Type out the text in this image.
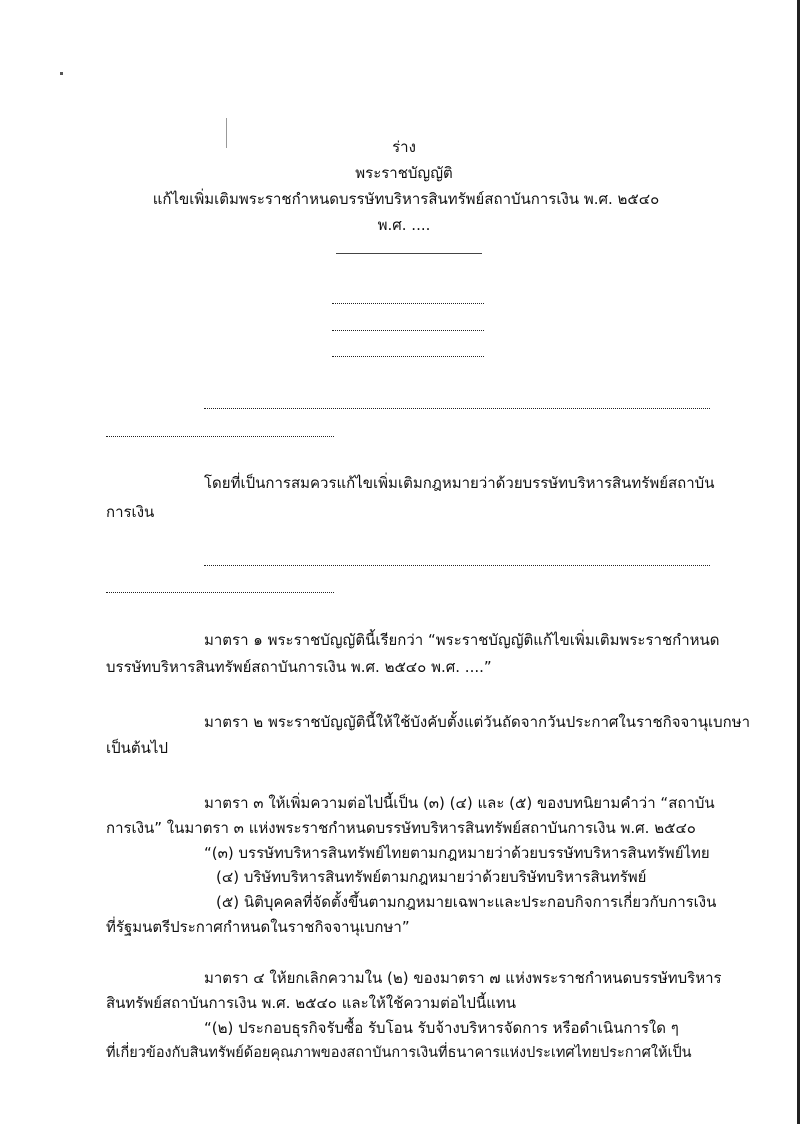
ร่าง
พระราชบัญญัติ
แก้ไขเพิ่มเติมพระราชกำหนดบรรษัทบริหารสินทรัพย์สถาบันการเงิน พ.ศ. ๒๕๔๐
พ.ศ. ....
โดยที่เป็นการสมควรแก้ไขเพิ่มเติมกฎหมายว่าด้วยบรรษัทบริหารสินทรัพย์สถาบัน
การเงิน
มาตรา ๑ พระราชบัญญัตินี้เรียกว่า “พระราชบัญญัติแก้ไขเพิ่มเติมพระราชกำหนด
บรรษัทบริหารสินทรัพย์สถาบันการเงิน พ.ศ. ๒๕๔๐ พ.ศ. ....”
มาตรา ๒ พระราชบัญญัตินี้ให้ใช้บังคับตั้งแต่วันถัดจากวันประกาศในราชกิจจานุเบกษา
เป็นต้นไป
มาตรา ๓ ให้เพิ่มความต่อไปนี้เป็น (๓) (๔) และ (๕) ของบทนิยามคำว่า “สถาบัน
การเงิน” ในมาตรา ๓ แห่งพระราชกำหนดบรรษัทบริหารสินทรัพย์สถาบันการเงิน พ.ศ. ๒๕๔๐
“(๓) บรรษัทบริหารสินทรัพย์ไทยตามกฎหมายว่าด้วยบรรษัทบริหารสินทรัพย์ไทย
(๔) บริษัทบริหารสินทรัพย์ตามกฎหมายว่าด้วยบริษัทบริหารสินทรัพย์
(๕) นิติบุคคลที่จัดตั้งขึ้นตามกฎหมายเฉพาะและประกอบกิจการเกี่ยวกับการเงิน
ที่รัฐมนตรีประกาศกำหนดในราชกิจจานุเบกษา”
มาตรา ๔ ให้ยกเลิกความใน (๒) ของมาตรา ๗ แห่งพระราชกำหนดบรรษัทบริหาร
สินทรัพย์สถาบันการเงิน พ.ศ. ๒๕๔๐ และให้ใช้ความต่อไปนี้แทน
“(๒) ประกอบธุรกิจรับซื้อ รับโอน รับจ้างบริหารจัดการ หรือดำเนินการใด ๆ
ที่เกี่ยวข้องกับสินทรัพย์ด้อยคุณภาพของสถาบันการเงินที่ธนาคารแห่งประเทศไทยประกาศให้เป็น
